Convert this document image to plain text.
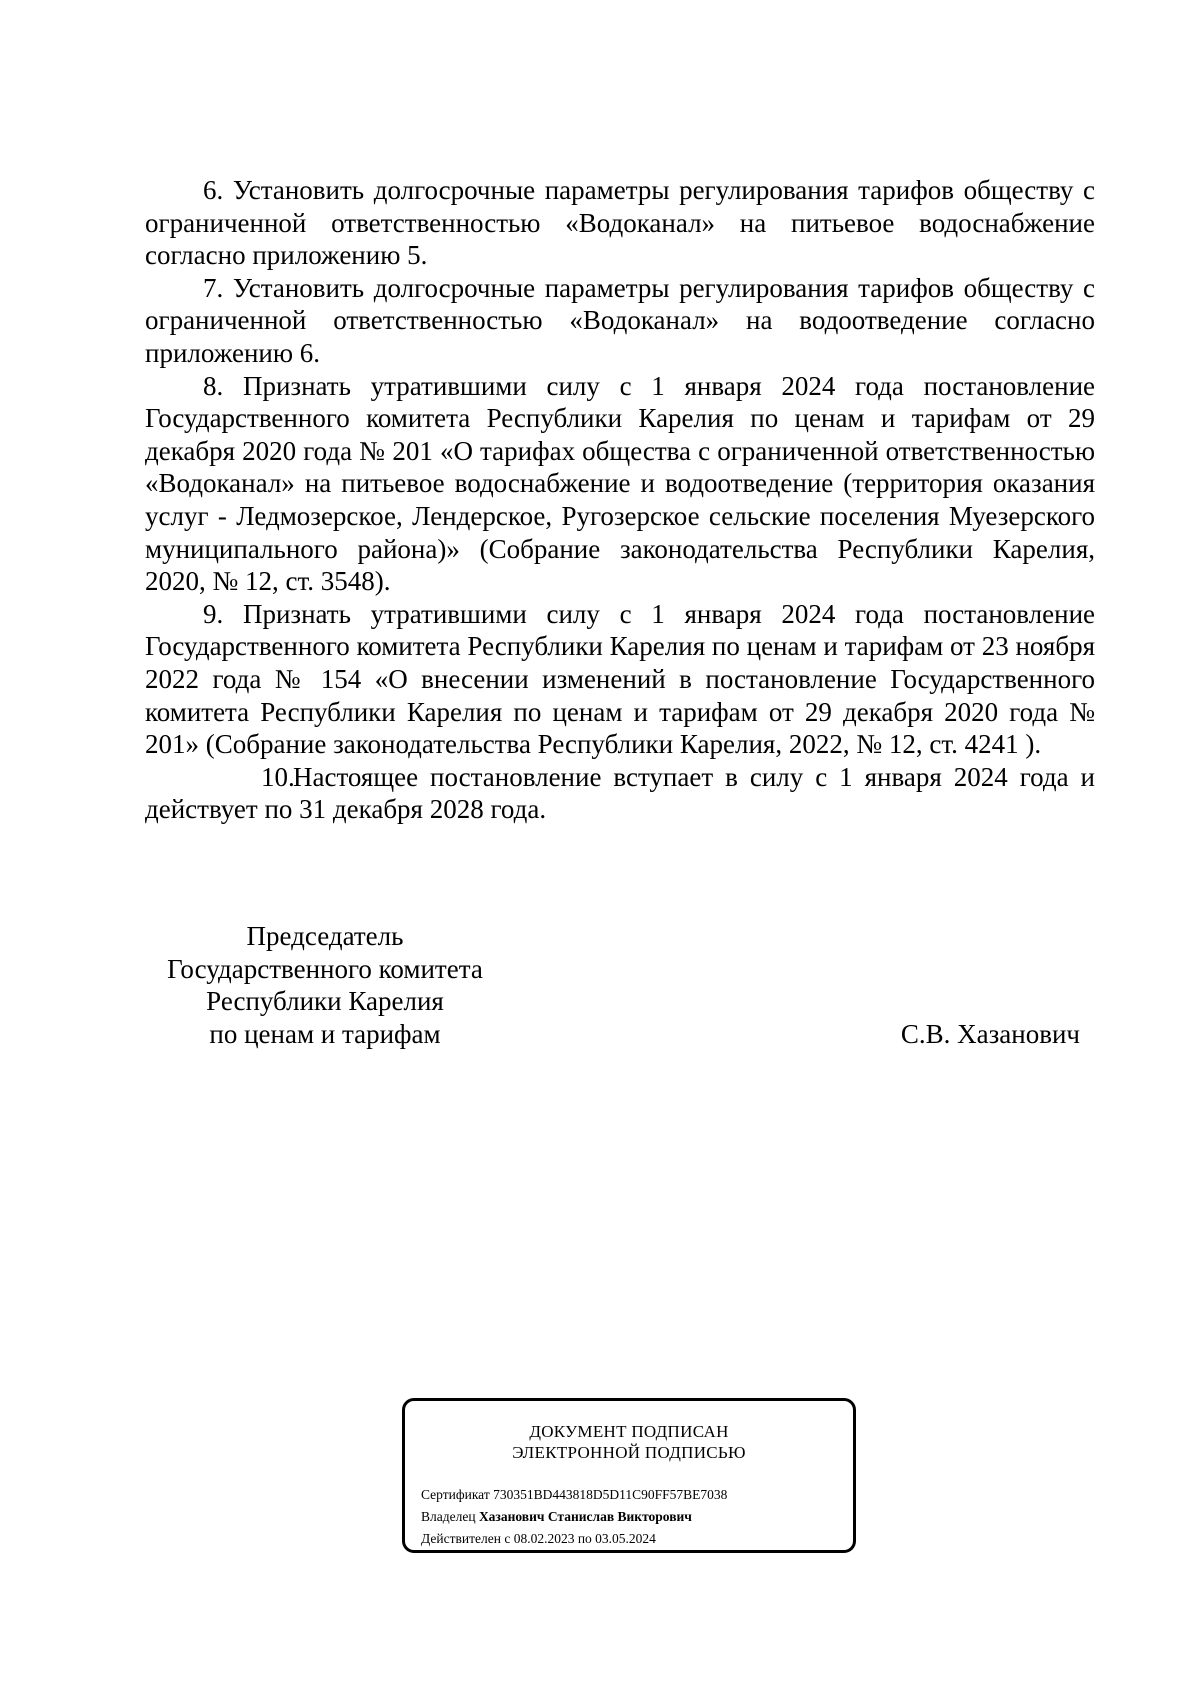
6. Установить долгосрочные параметры регулирования тарифов обществу с ограниченной ответственностью «Водоканал» на питьевое водоснабжение согласно приложению 5.

7. Установить долгосрочные параметры регулирования тарифов обществу с ограниченной ответственностью «Водоканал» на водоотведение согласно приложению 6.

8. Признать утратившими силу с 1 января 2024 года постановление Государственного комитета Республики Карелия по ценам и тарифам от 29 декабря 2020 года № 201 «О тарифах общества с ограниченной ответственностью «Водоканал» на питьевое водоснабжение и водоотведение (территория оказания услуг - Ледмозерское, Лендерское, Ругозерское сельские поселения Муезерского муниципального района)» (Собрание законодательства Республики Карелия, 2020, № 12, ст. 3548).

9. Признать утратившими силу с 1 января 2024 года постановление Государственного комитета Республики Карелия по ценам и тарифам от 23 ноября 2022 года № 154 «О внесении изменений в постановление Государственного комитета Республики Карелия по ценам и тарифам от 29 декабря 2020 года № 201» (Собрание законодательства Республики Карелия, 2022, № 12, ст. 4241 ).

10.Настоящее постановление вступает в силу с 1 января 2024 года и действует по 31 декабря 2028 года.

Председатель
Государственного комитета
Республики Карелия
по ценам и тарифам	С.В. Хазанович
ДОКУМЕНТ ПОДПИСАН
ЭЛЕКТРОННОЙ ПОДПИСЬЮ
Сертификат 730351BD443818D5D11C90FF57BE7038
Владелец Хазанович Станислав Викторович
Действителен с 08.02.2023 по 03.05.2024
